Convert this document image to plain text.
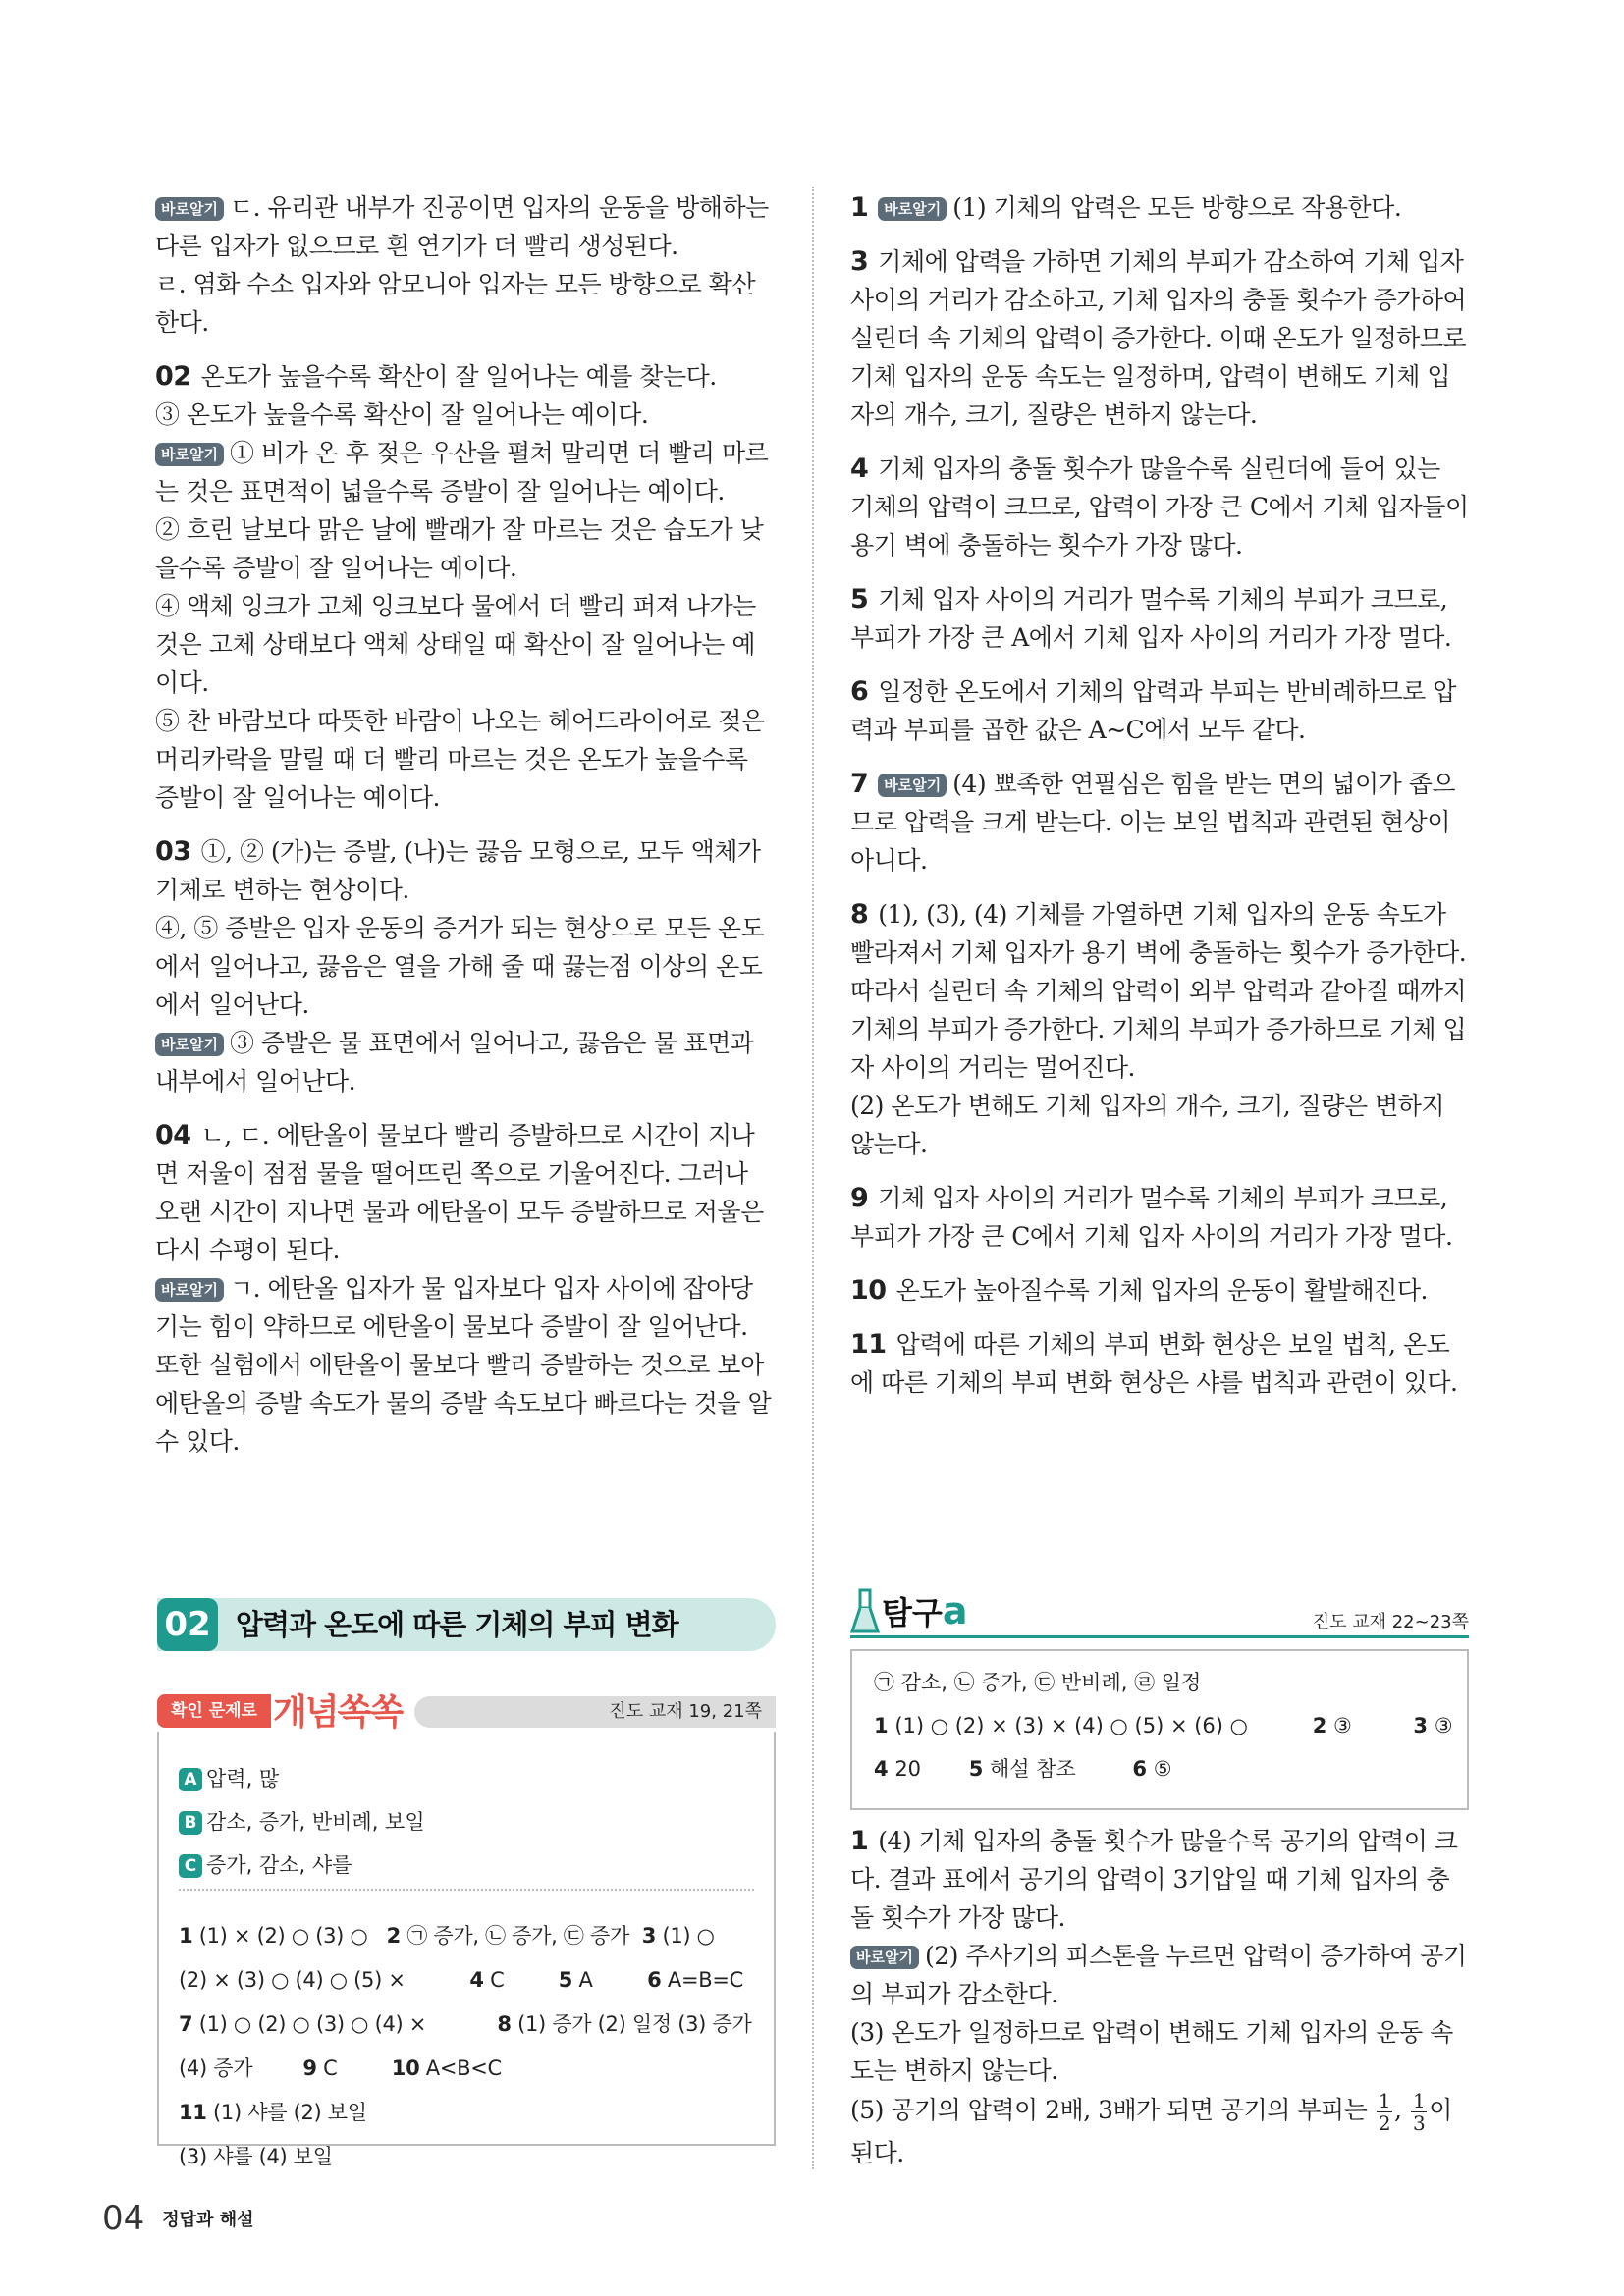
바로알기 ㄷ. 유리관 내부가 진공이면 입자의 운동을 방해하는 다른 입자가 없으므로 흰 연기가 더 빨리 생성된다.
ㄹ. 염화 수소 입자와 암모니아 입자는 모든 방향으로 확산한다.

02 온도가 높을수록 확산이 잘 일어나는 예를 찾는다.
③ 온도가 높을수록 확산이 잘 일어나는 예이다.
바로알기 ① 비가 온 후 젖은 우산을 펼쳐 말리면 더 빨리 마르는 것은 표면적이 넓을수록 증발이 잘 일어나는 예이다.
② 흐린 날보다 맑은 날에 빨래가 잘 마르는 것은 습도가 낮을수록 증발이 잘 일어나는 예이다.
④ 액체 잉크가 고체 잉크보다 물에서 더 빨리 퍼져 나가는 것은 고체 상태보다 액체 상태일 때 확산이 잘 일어나는 예이다.
⑤ 찬 바람보다 따뜻한 바람이 나오는 헤어드라이어로 젖은 머리카락을 말릴 때 더 빨리 마르는 것은 온도가 높을수록 증발이 잘 일어나는 예이다.

03 ①, ② (가)는 증발, (나)는 끓음 모형으로, 모두 액체가 기체로 변하는 현상이다.
④, ⑤ 증발은 입자 운동의 증거가 되는 현상으로 모든 온도에서 일어나고, 끓음은 열을 가해 줄 때 끓는점 이상의 온도에서 일어난다.
바로알기 ③ 증발은 물 표면에서 일어나고, 끓음은 물 표면과 내부에서 일어난다.

04 ㄴ, ㄷ. 에탄올이 물보다 빨리 증발하므로 시간이 지나면 저울이 점점 물을 떨어뜨린 쪽으로 기울어진다. 그러나 오랜 시간이 지나면 물과 에탄올이 모두 증발하므로 저울은 다시 수평이 된다.
바로알기 ㄱ. 에탄올 입자가 물 입자보다 입자 사이에 잡아당기는 힘이 약하므로 에탄올이 물보다 증발이 잘 일어난다. 또한 실험에서 에탄올이 물보다 빨리 증발하는 것으로 보아 에탄올의 증발 속도가 물의 증발 속도보다 빠르다는 것을 알 수 있다.

1 바로알기 (1) 기체의 압력은 모든 방향으로 작용한다.

3 기체에 압력을 가하면 기체의 부피가 감소하여 기체 입자 사이의 거리가 감소하고, 기체 입자의 충돌 횟수가 증가하여 실린더 속 기체의 압력이 증가한다. 이때 온도가 일정하므로 기체 입자의 운동 속도는 일정하며, 압력이 변해도 기체 입자의 개수, 크기, 질량은 변하지 않는다.

4 기체 입자의 충돌 횟수가 많을수록 실린더에 들어 있는 기체의 압력이 크므로, 압력이 가장 큰 C에서 기체 입자들이 용기 벽에 충돌하는 횟수가 가장 많다.

5 기체 입자 사이의 거리가 멀수록 기체의 부피가 크므로, 부피가 가장 큰 A에서 기체 입자 사이의 거리가 가장 멀다.

6 일정한 온도에서 기체의 압력과 부피는 반비례하므로 압력과 부피를 곱한 값은 A~C에서 모두 같다.

7 바로알기 (4) 뾰족한 연필심은 힘을 받는 면의 넓이가 좁으므로 압력을 크게 받는다. 이는 보일 법칙과 관련된 현상이 아니다.

8 (1), (3), (4) 기체를 가열하면 기체 입자의 운동 속도가 빨라져서 기체 입자가 용기 벽에 충돌하는 횟수가 증가한다. 따라서 실린더 속 기체의 압력이 외부 압력과 같아질 때까지 기체의 부피가 증가한다. 기체의 부피가 증가하므로 기체 입자 사이의 거리는 멀어진다.
(2) 온도가 변해도 기체 입자의 개수, 크기, 질량은 변하지 않는다.

9 기체 입자 사이의 거리가 멀수록 기체의 부피가 크므로, 부피가 가장 큰 C에서 기체 입자 사이의 거리가 가장 멀다.

10 온도가 높아질수록 기체 입자의 운동이 활발해진다.

11 압력에 따른 기체의 부피 변화 현상은 보일 법칙, 온도에 따른 기체의 부피 변화 현상은 샤를 법칙과 관련이 있다.

02 압력과 온도에 따른 기체의 부피 변화
확인 문제로 개념쏙쏙	진도 교재 19, 21쪽
A 압력, 많
B 감소, 증가, 반비례, 보일
C 증가, 감소, 샤를
1 (1) × (2) ○ (3) ○ 2 ㉠ 증가, ㉡ 증가, ㉢ 증가 3 (1) ○
(2) × (3) ○ (4) ○ (5) ×	4 C	5 A	6 A=B=C
7 (1) ○ (2) ○ (3) ○ (4) ×	8 (1) 증가 (2) 일정 (3) 증가
(4) 증가 9 C	10 A<B<C 11 (1) 샤를 (2) 보일
(3) 샤를 (4) 보일
탐구a	진도 교재 22~23쪽
㉠ 감소, ㉡ 증가, ㉢ 반비례, ㉣ 일정
1 (1) ○ (2) × (3) × (4) ○ (5) × (6) ○	2 ③	3 ③
4 20 5 해설 참조	6 ⑤

1 (4) 기체 입자의 충돌 횟수가 많을수록 공기의 압력이 크다. 결과 표에서 공기의 압력이 3기압일 때 기체 입자의 충돌 횟수가 가장 많다.
바로알기 (2) 주사기의 피스톤을 누르면 압력이 증가하여 공기의 부피가 감소한다.
(3) 온도가 일정하므로 압력이 변해도 기체 입자의 운동 속도는 변하지 않는다.
(5) 공기의 압력이 2배, 3배가 되면 공기의 부피는 $\frac{1}{2}$ , $\frac{1}{3}$ 이 된다.

04 정답과 해설
